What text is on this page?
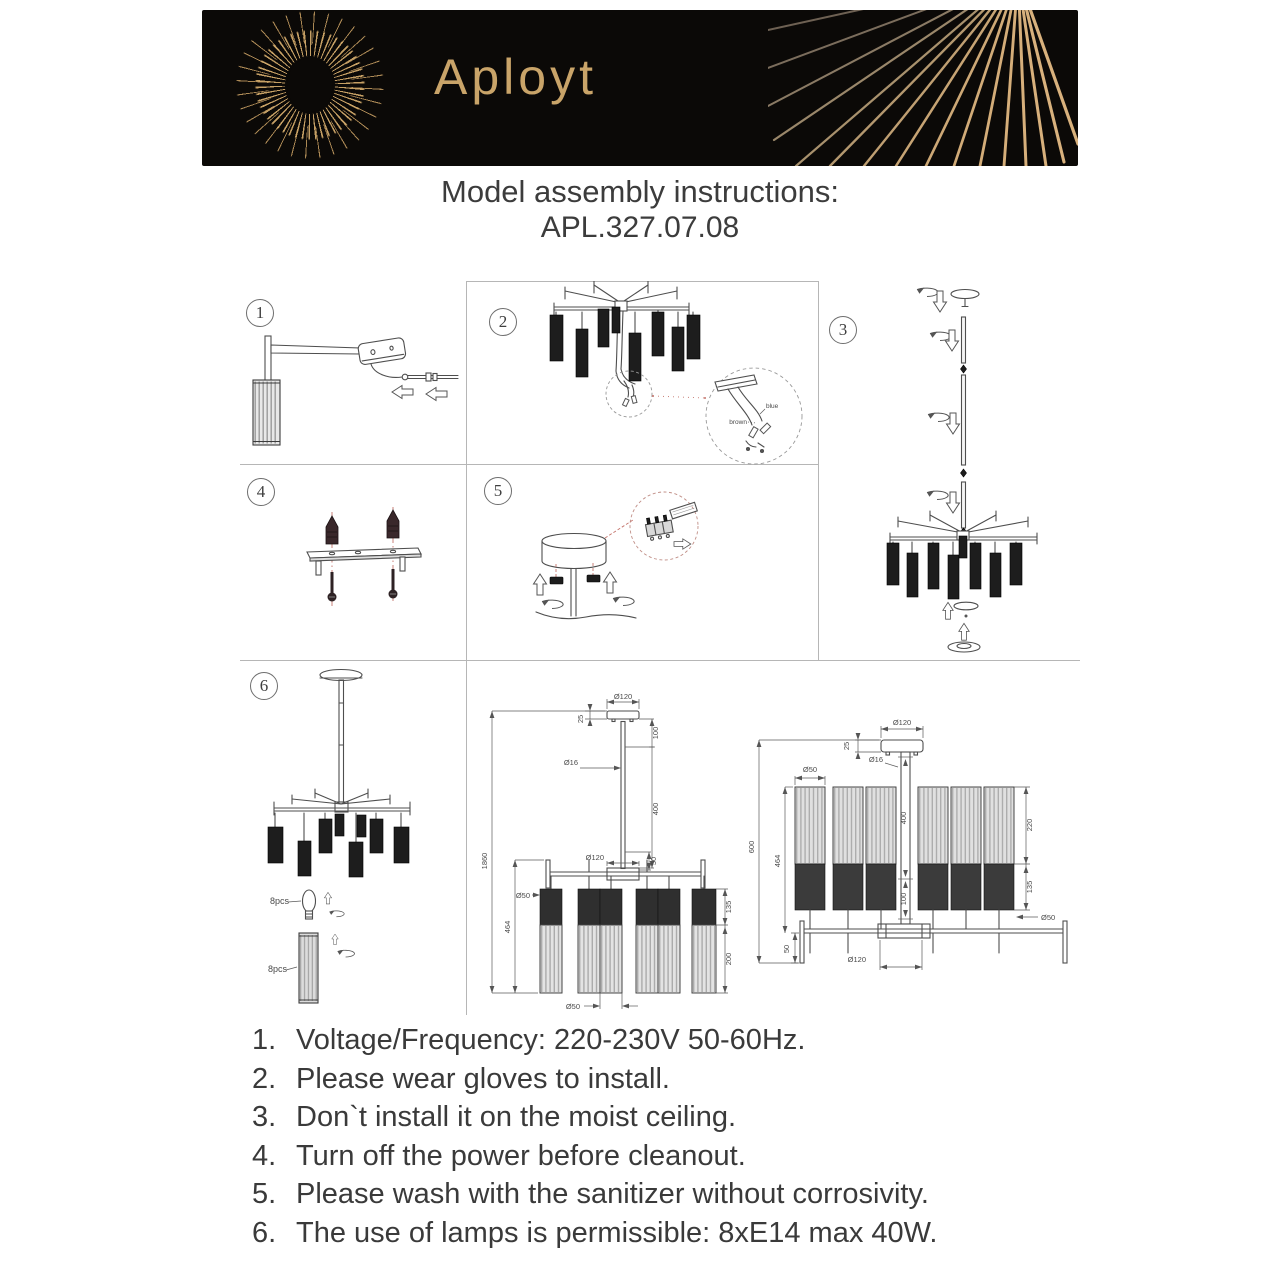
Aployt
Model assembly instructions:
APL.327.07.08
1	2	3
4	5
6
blue
brown
8pcs
8pcs
Ø120
25
100
Ø16
400
Ø120	50
1860
464
Ø50
135
200
Ø50
25
Ø120
Ø16
Ø50
400
100
600
464
50
220
135
Ø50
Ø120
1. Voltage/Frequency: 220-230V 50-60Hz.
2. Please wear gloves to install.
3. Don`t install it on the moist ceiling.
4. Turn off the power before cleanout.
5. Please wash with the sanitizer without corrosivity.
6. The use of lamps is permissible: 8xE14 max 40W.
